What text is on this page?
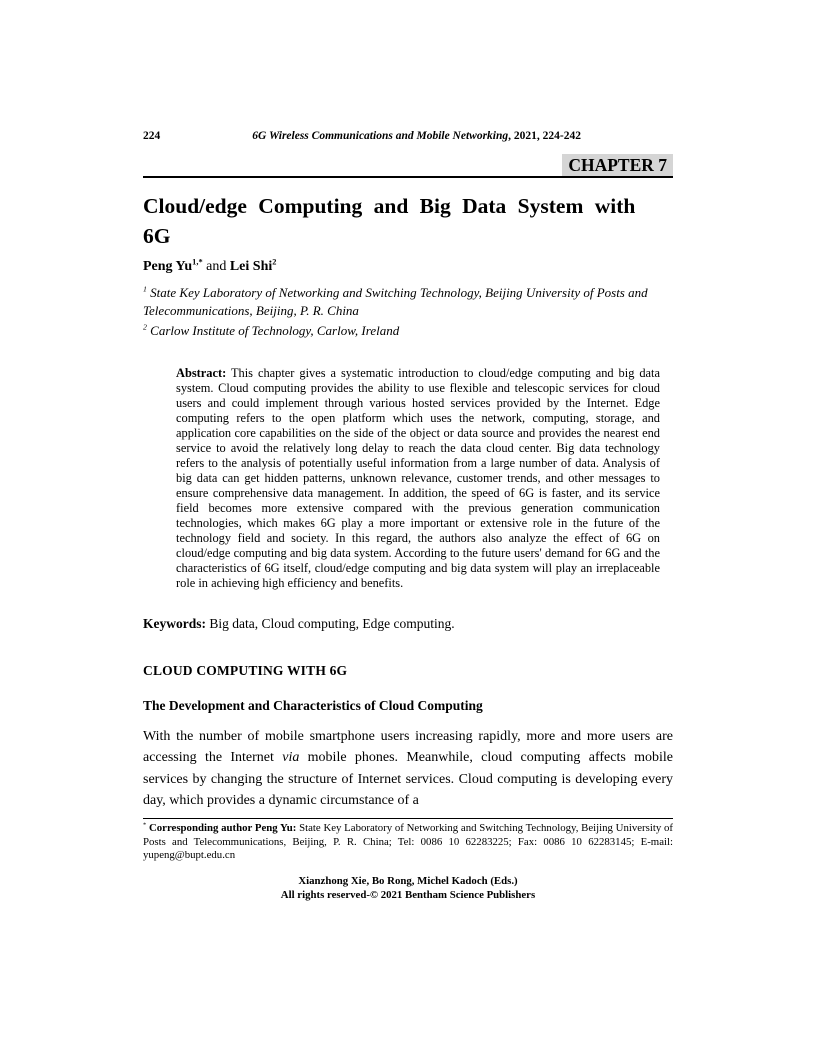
224	6G Wireless Communications and Mobile Networking, 2021, 224-242
CHAPTER 7
Cloud/edge Computing and Big Data System with
6G
Peng $Yu^{1,*}$ and Lei Shi$^2$
$^1$ State Key Laboratory of Networking and Switching Technology, Beijing University of Posts and Telecommunications, Beijing, P. R. China
$^2$ Carlow Institute of Technology, Carlow, Ireland
Abstract: This chapter gives a systematic introduction to cloud/edge computing and big data system. Cloud computing provides the ability to use flexible and telescopic services for cloud users and could implement through various hosted services provided by the Internet. Edge computing refers to the open platform which uses the network, computing, storage, and application core capabilities on the side of the object or data source and provides the nearest end service to avoid the relatively long delay to reach the data cloud center. Big data technology refers to the analysis of potentially useful information from a large number of data. Analysis of big data can get hidden patterns, unknown relevance, customer trends, and other messages to ensure comprehensive data management. In addition, the speed of 6G is faster, and its service field becomes more extensive compared with the previous generation communication technologies, which makes 6G play a more important or extensive role in the future of the technology field and society. In this regard, the authors also analyze the effect of 6G on cloud/edge computing and big data system. According to the future users' demand for 6G and the characteristics of 6G itself, cloud/edge computing and big data system will play an irreplaceable role in achieving high efficiency and benefits.
Keywords: Big data, Cloud computing, Edge computing.
CLOUD COMPUTING WITH 6G
The Development and Characteristics of Cloud Computing
With the number of mobile smartphone users increasing rapidly, more and more users are accessing the Internet via mobile phones. Meanwhile, cloud computing affects mobile services by changing the structure of Internet services. Cloud computing is developing every day, which provides a dynamic circumstance of a
* Corresponding author Peng Yu: State Key Laboratory of Networking and Switching Technology, Beijing University of Posts and Telecommunications, Beijing, P. R. China; Tel: 0086 10 62283225; Fax: 0086 10 62283145; E-mail: yupeng@bupt.edu.cn
Xianzhong Xie, Bo Rong, Michel Kadoch (Eds.)
All rights reserved-© 2021 Bentham Science Publishers
